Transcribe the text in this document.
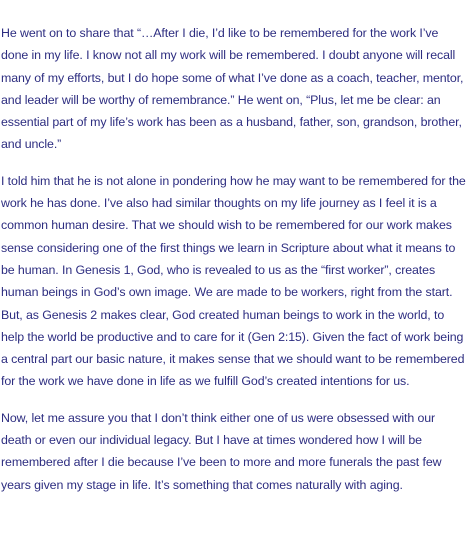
He went on to share that “…After I die, I’d like to be remembered for the work I’ve done in my life. I know not all my work will be remembered. I doubt anyone will recall many of my efforts, but I do hope some of what I’ve done as a coach, teacher, mentor, and leader will be worthy of remembrance.” He went on, “Plus, let me be clear: an essential part of my life’s work has been as a husband, father, son, grandson, brother, and uncle.”

I told him that he is not alone in pondering how he may want to be remembered for the work he has done. I’ve also had similar thoughts on my life journey as I feel it is a common human desire. That we should wish to be remembered for our work makes sense considering one of the first things we learn in Scripture about what it means to be human. In Genesis 1, God, who is revealed to us as the “first worker”, creates human beings in God’s own image. We are made to be workers, right from the start. But, as Genesis 2 makes clear, God created human beings to work in the world, to help the world be productive and to care for it (Gen 2:15). Given the fact of work being a central part our basic nature, it makes sense that we should want to be remembered for the work we have done in life as we fulfill God’s created intentions for us.

Now, let me assure you that I don’t think either one of us were obsessed with our death or even our individual legacy. But I have at times wondered how I will be remembered after I die because I’ve been to more and more funerals the past few years given my stage in life. It’s something that comes naturally with aging.
